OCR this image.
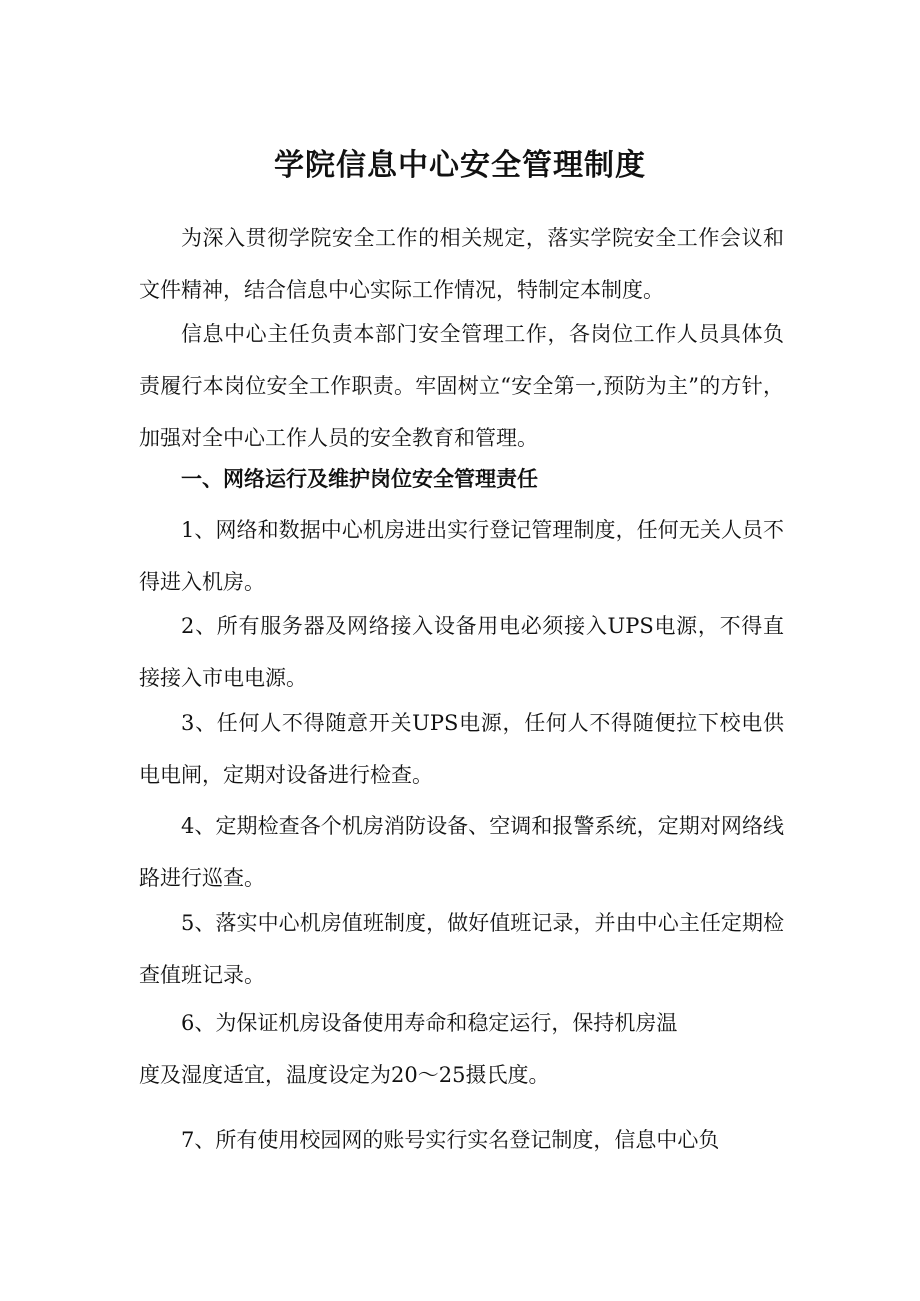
学院信息中心安全管理制度

为深入贯彻学院安全工作的相关规定，落实学院安全工作会议和文件精神，结合信息中心实际工作情况，特制定本制度。

信息中心主任负责本部门安全管理工作，各岗位工作人员具体负责履行本岗位安全工作职责。牢固树立“安全第一,预防为主”的方针，加强对全中心工作人员的安全教育和管理。

一、网络运行及维护岗位安全管理责任

1、网络和数据中心机房进出实行登记管理制度，任何无关人员不得进入机房。

2、所有服务器及网络接入设备用电必须接入UPS电源，不得直接接入市电电源。

3、任何人不得随意开关UPS电源，任何人不得随便拉下校电供电电闸，定期对设备进行检查。

4、定期检查各个机房消防设备、空调和报警系统，定期对网络线路进行巡查。

5、落实中心机房值班制度，做好值班记录，并由中心主任定期检查值班记录。

6、为保证机房设备使用寿命和稳定运行，保持机房温
度及湿度适宜，温度设定为20～25摄氏度。

7、所有使用校园网的账号实行实名登记制度，信息中心负
